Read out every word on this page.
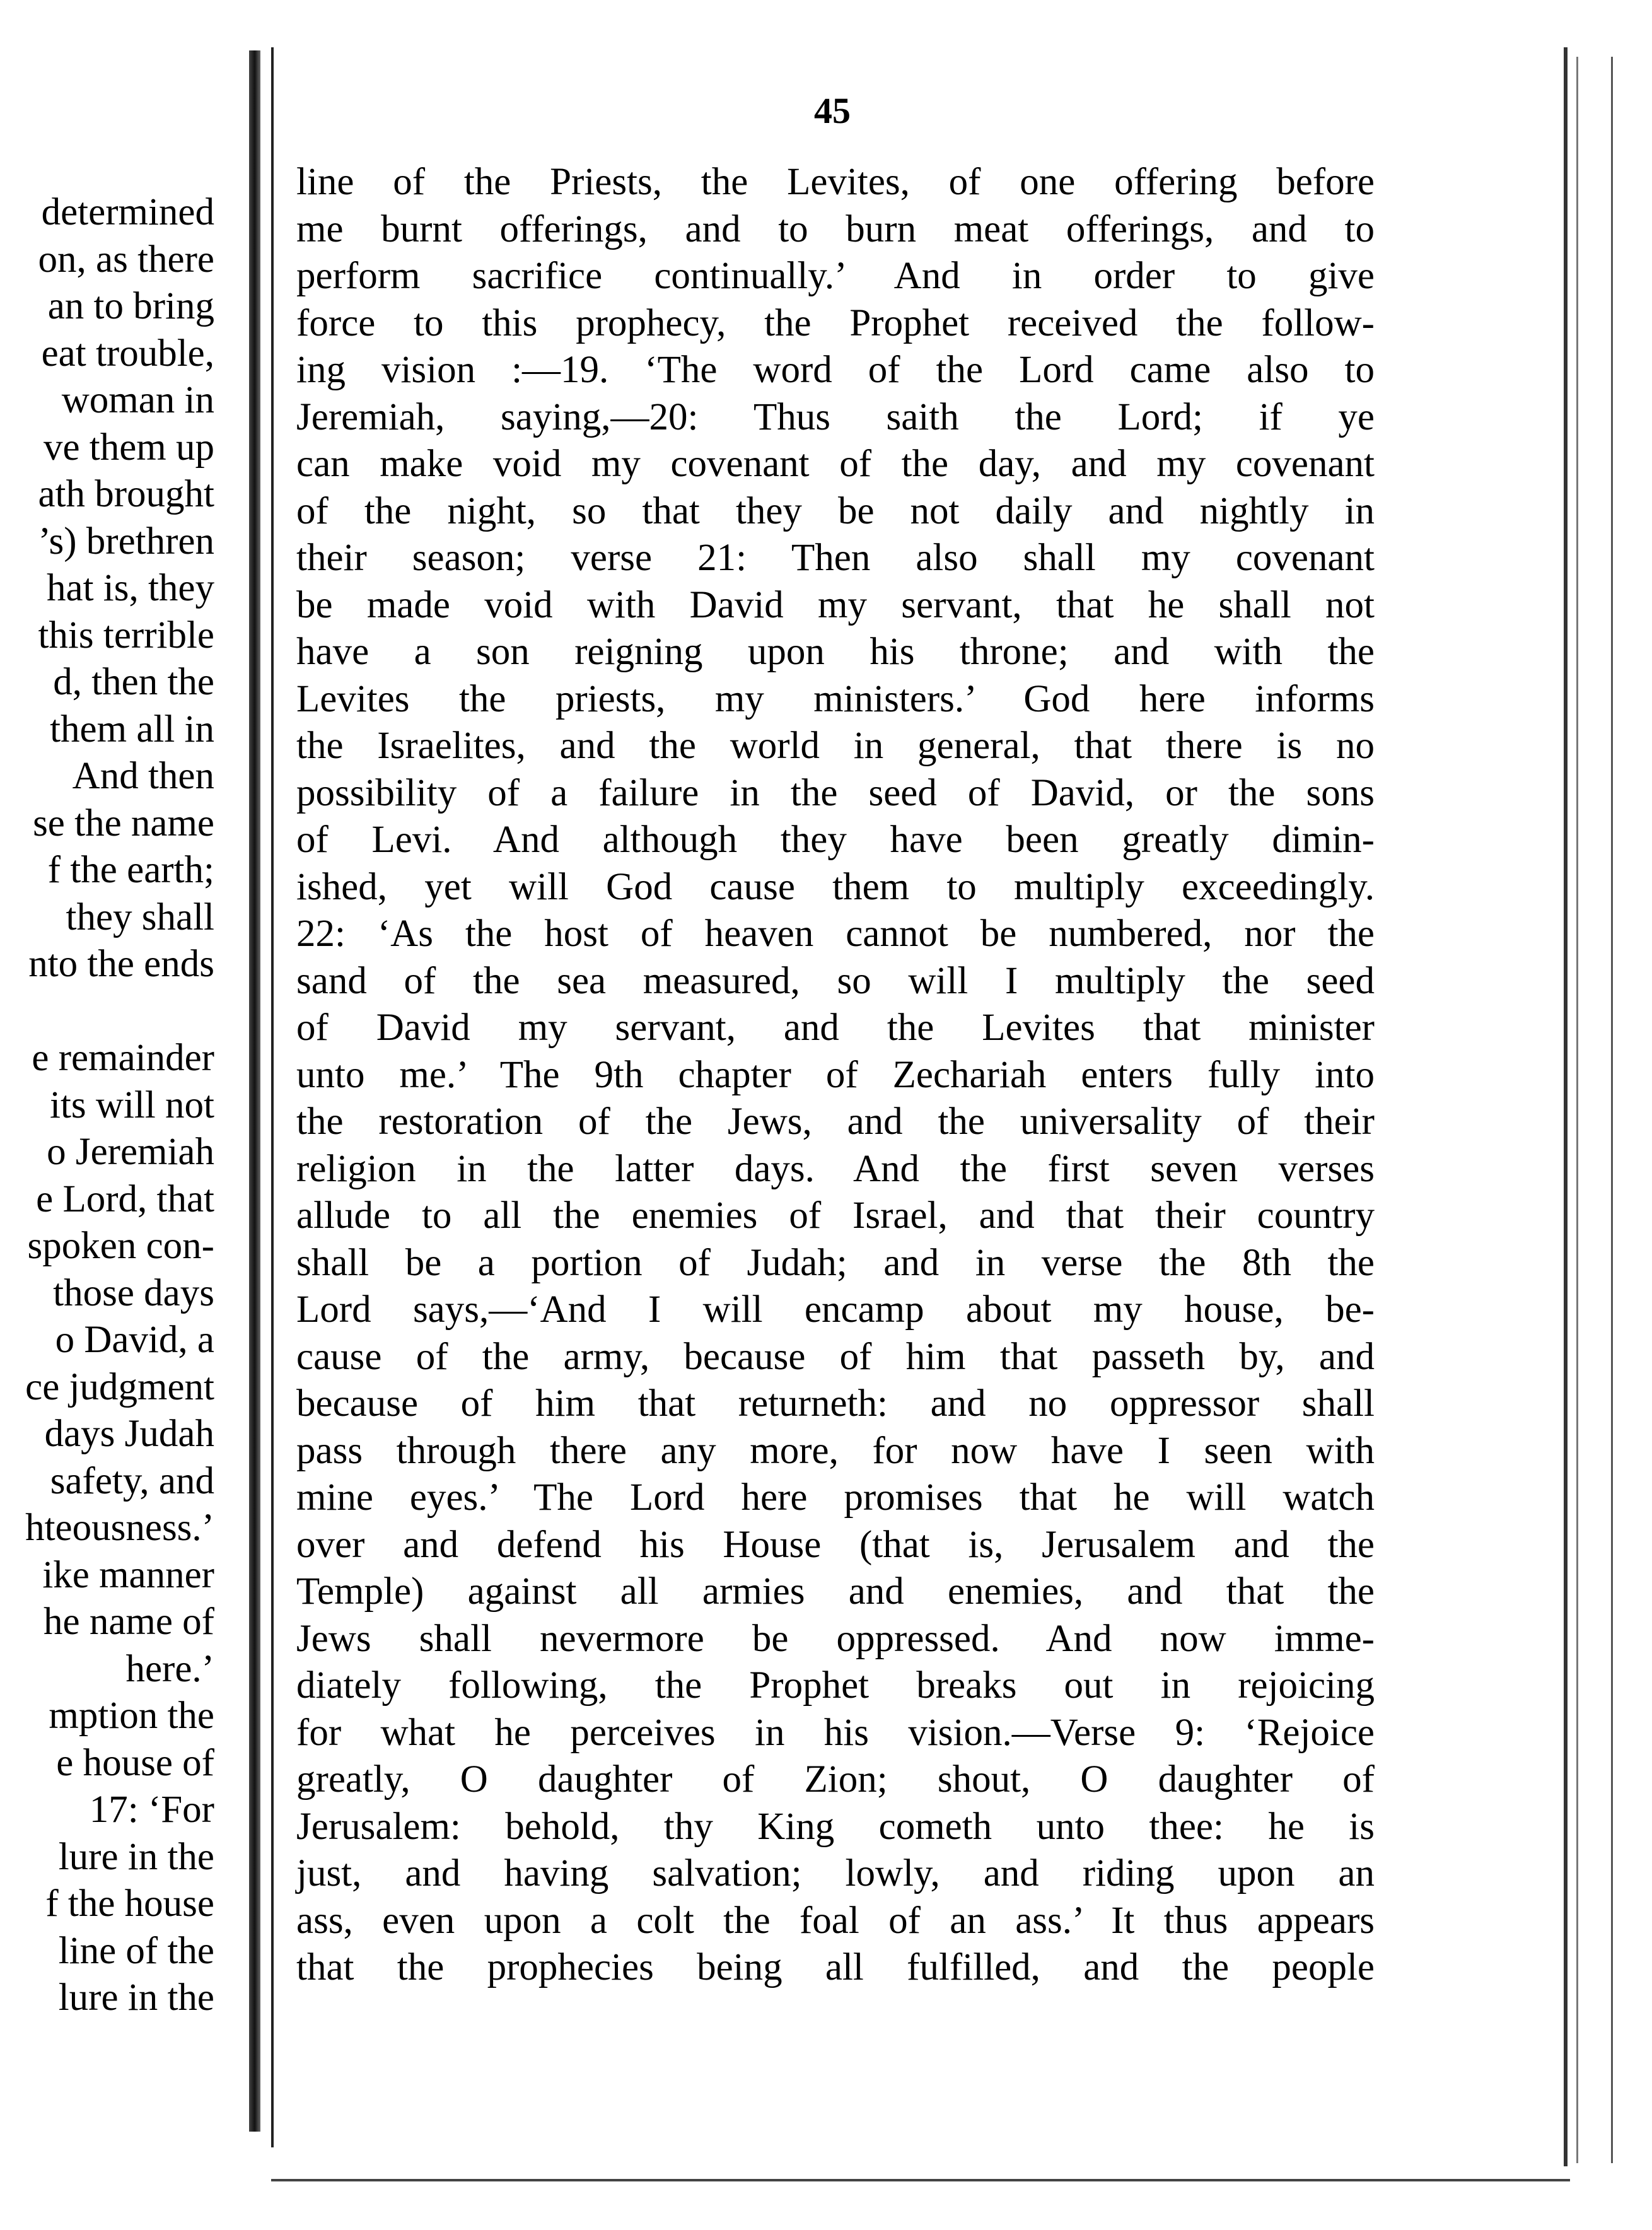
determined
on, as there
an to bring
eat trouble,
woman in
ve them up
ath brought
’s) brethren
hat is, they
this terrible
d, then the
them all in
And then
se the name
f the earth;
they shall
nto the ends
e remainder
its will not
o Jeremiah
e Lord, that
spoken con-
those days
o David, a
ce judgment
days Judah
safety, and
hteousness.’
ike manner
he name of
here.’
mption the
e house of
17: ‘For
lure in the
f the house
line of the
lure in the
45
line of the Priests, the Levites, of one offering before
me burnt offerings, and to burn meat offerings, and to
perform sacrifice continually.’ And in order to give
force to this prophecy, the Prophet received the follow-
ing vision :—19. ‘The word of the Lord came also to
Jeremiah, saying,—20: Thus saith the Lord; if ye
can make void my covenant of the day, and my covenant
of the night, so that they be not daily and nightly in
their season; verse 21: Then also shall my covenant
be made void with David my servant, that he shall not
have a son reigning upon his throne; and with the
Levites the priests, my ministers.’ God here informs
the Israelites, and the world in general, that there is no
possibility of a failure in the seed of David, or the sons
of Levi. And although they have been greatly dimin-
ished, yet will God cause them to multiply exceedingly.
22: ‘As the host of heaven cannot be numbered, nor the
sand of the sea measured, so will I multiply the seed
of David my servant, and the Levites that minister
unto me.’ The 9th chapter of Zechariah enters fully into
the restoration of the Jews, and the universality of their
religion in the latter days. And the first seven verses
allude to all the enemies of Israel, and that their country
shall be a portion of Judah; and in verse the 8th the
Lord says,—‘And I will encamp about my house, be-
cause of the army, because of him that passeth by, and
because of him that returneth: and no oppressor shall
pass through there any more, for now have I seen with
mine eyes.’ The Lord here promises that he will watch
over and defend his House (that is, Jerusalem and the
Temple) against all armies and enemies, and that the
Jews shall nevermore be oppressed. And now imme-
diately following, the Prophet breaks out in rejoicing
for what he perceives in his vision.—Verse 9: ‘Rejoice
greatly, O daughter of Zion; shout, O daughter of
Jerusalem: behold, thy King cometh unto thee: he is
just, and having salvation; lowly, and riding upon an
ass, even upon a colt the foal of an ass.’ It thus appears
that the prophecies being all fulfilled, and the people
